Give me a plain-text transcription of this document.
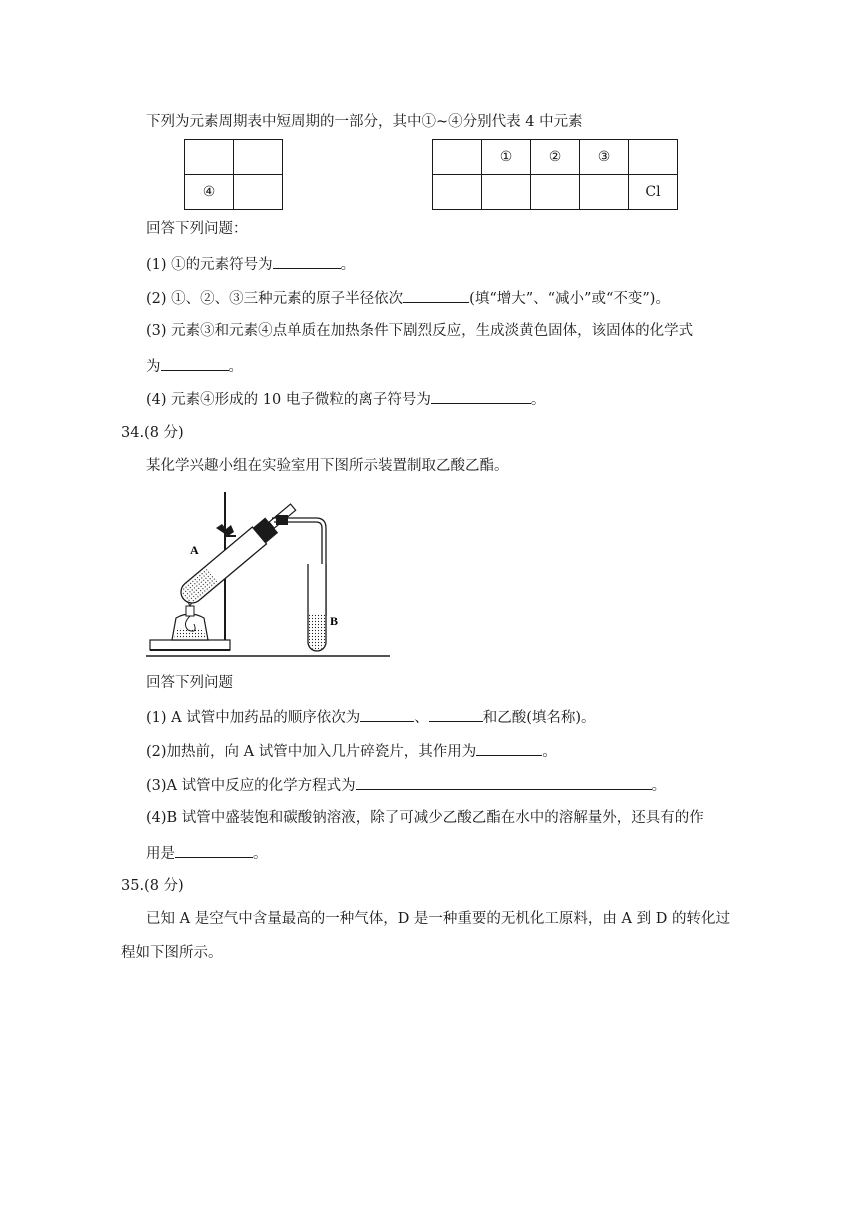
下列为元素周期表中短周期的一部分，其中①~④分别代表 4 中元素

④	
	①	②	③	
				Cl
回答下列问题：
(1) ①的元素符号为	。
(2) ①、②、③三种元素的原子半径依次	(填“增大”、“减小”或“不变”)。
(3) 元素③和元素④点单质在加热条件下剧烈反应，生成淡黄色固体，该固体的化学式
为	。
(4) 元素④形成的 10 电子微粒的离子符号为	。
34.(8 分)
某化学兴趣小组在实验室用下图所示装置制取乙酸乙酯。
A
B
回答下列问题
(1) A 试管中加药品的顺序依次为	、	和乙酸(填名称)。
(2)加热前，向 A 试管中加入几片碎瓷片，其作用为	。
(3)A 试管中反应的化学方程式为	。
(4)B 试管中盛装饱和碳酸钠溶液，除了可减少乙酸乙酯在水中的溶解量外，还具有的作
用是	。
35.(8 分)
已知 A 是空气中含量最高的一种气体，D 是一种重要的无机化工原料，由 A 到 D 的转化过
程如下图所示。
